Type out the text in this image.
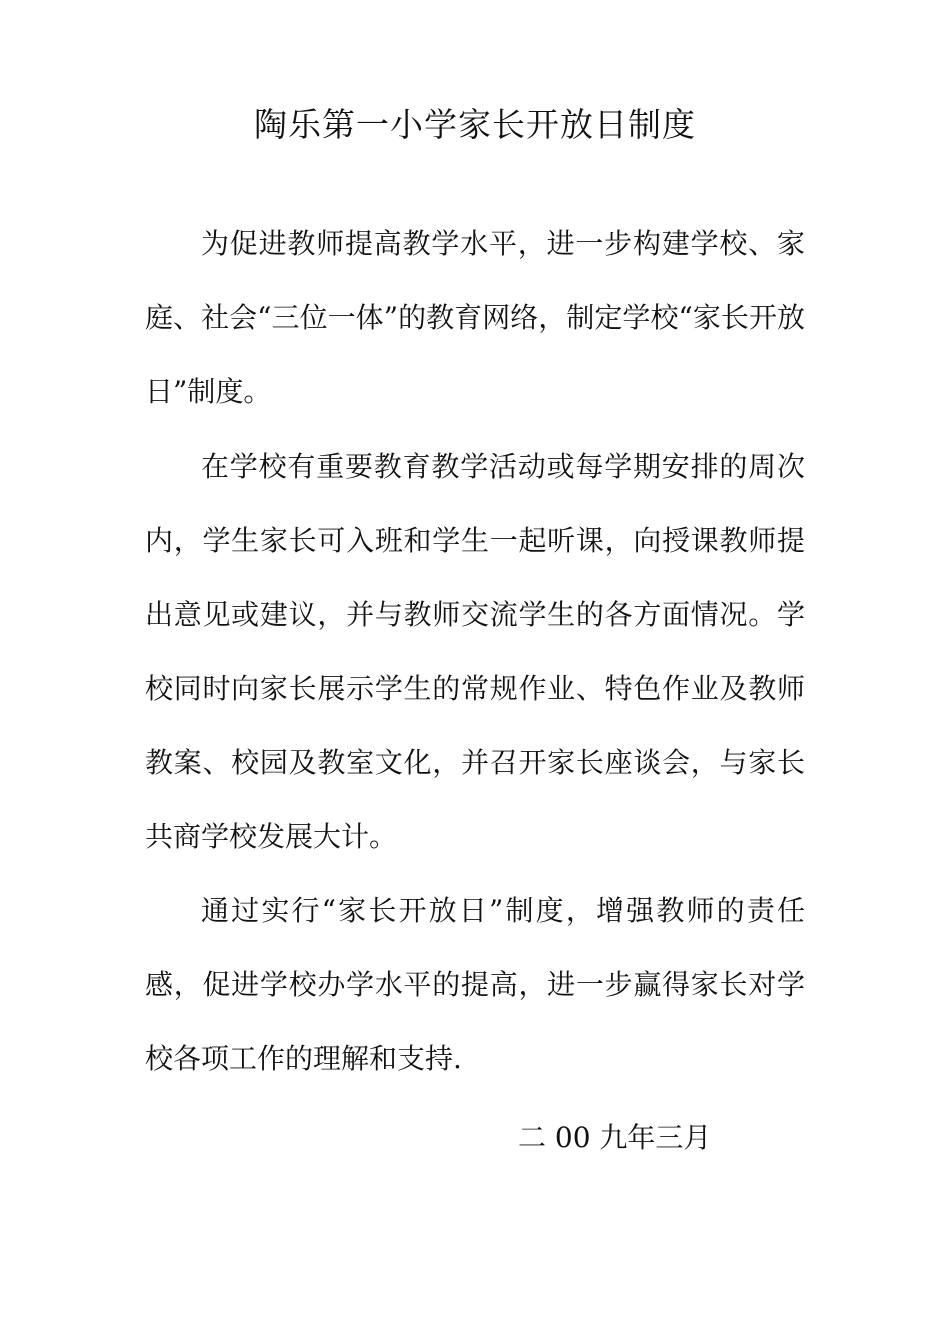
陶乐第一小学家长开放日制度

为促进教师提高教学水平，进一步构建学校、家庭、社会“三位一体”的教育网络，制定学校“家长开放日”制度。

在学校有重要教育教学活动或每学期安排的周次内，学生家长可入班和学生一起听课，向授课教师提出意见或建议，并与教师交流学生的各方面情况。学校同时向家长展示学生的常规作业、特色作业及教师教案、校园及教室文化，并召开家长座谈会，与家长共商学校发展大计。

通过实行“家长开放日”制度，增强教师的责任感，促进学校办学水平的提高，进一步赢得家长对学校各项工作的理解和支持.

二 00 九年三月
